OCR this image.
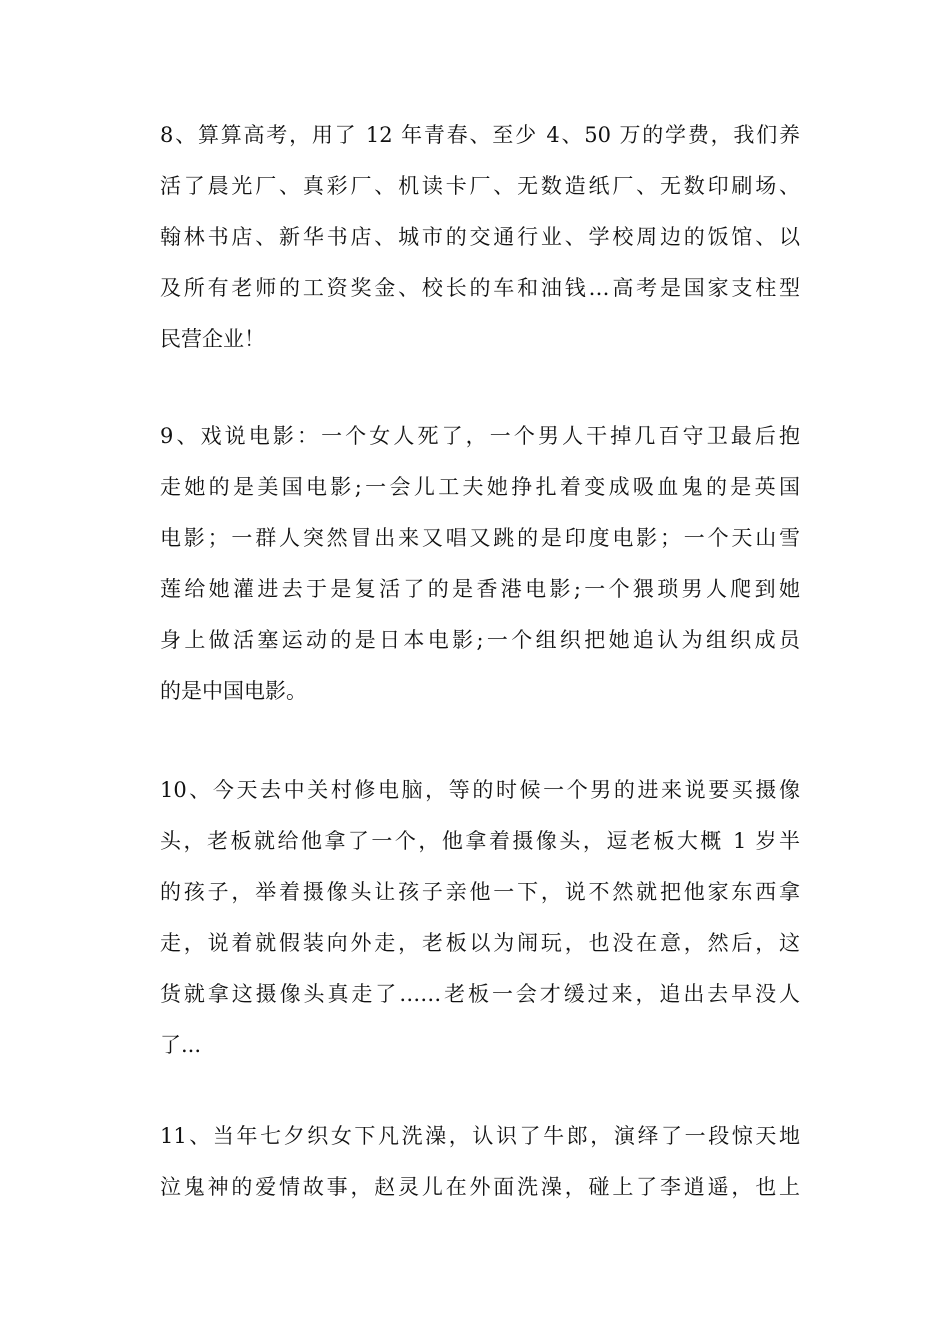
8、算算高考，用了 12 年青春、至少 4、50 万的学费，我们养
活了晨光厂、真彩厂、机读卡厂、无数造纸厂、无数印刷场、
翰林书店、新华书店、城市的交通行业、学校周边的饭馆、以
及所有老师的工资奖金、校长的车和油钱…高考是国家支柱型
民营企业！

9、戏说电影：一个女人死了，一个男人干掉几百守卫最后抱
走她的是美国电影;一会儿工夫她挣扎着变成吸血鬼的是英国
电影；一群人突然冒出来又唱又跳的是印度电影；一个天山雪
莲给她灌进去于是复活了的是香港电影;一个猥琐男人爬到她
身上做活塞运动的是日本电影;一个组织把她追认为组织成员
的是中国电影。

10、今天去中关村修电脑，等的时候一个男的进来说要买摄像
头，老板就给他拿了一个，他拿着摄像头，逗老板大概 1 岁半
的孩子，举着摄像头让孩子亲他一下，说不然就把他家东西拿
走，说着就假装向外走，老板以为闹玩，也没在意，然后，这
货就拿这摄像头真走了……老板一会才缓过来，追出去早没人
了...

11、当年七夕织女下凡洗澡，认识了牛郎，演绎了一段惊天地
泣鬼神的爱情故事，赵灵儿在外面洗澡，碰上了李逍遥，也上
